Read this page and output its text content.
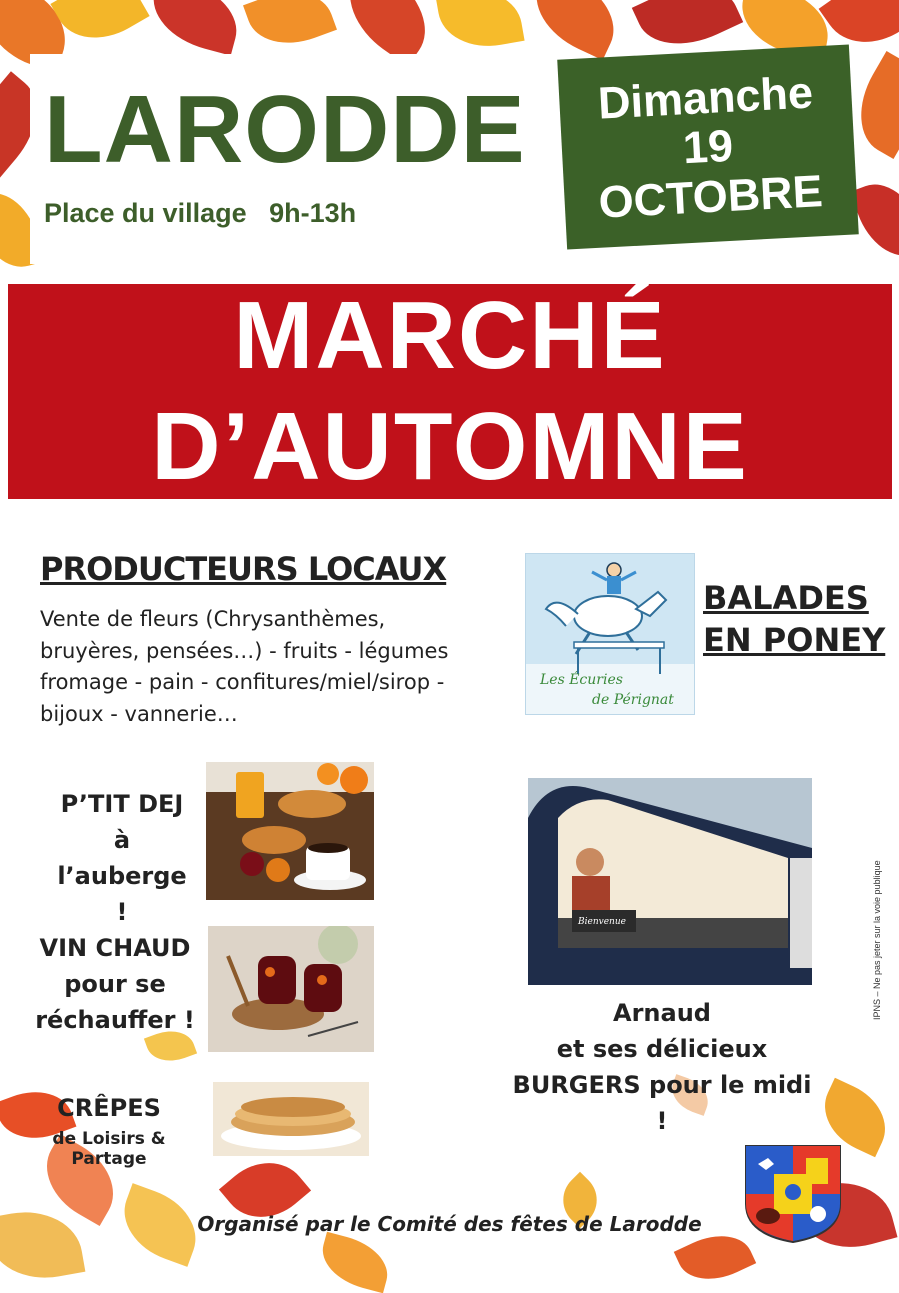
LARODDE
Place du village   9h-13h
Dimanche
19
OCTOBRE
MARCHÉ
D’AUTOMNE
PRODUCTEURS LOCAUX
Vente de fleurs (Chrysanthèmes, bruyères, pensées…) - fruits - légumes fromage - pain - confitures/miel/sirop - bijoux - vannerie…
Les Écuries
de Pérignat
BALADES
EN PONEY
P’TIT DEJ à
l’auberge !
VIN CHAUD
pour se
réchauffer !
CRÊPES
de Loisirs & Partage
Bienvenue
Arnaud
et ses délicieux
BURGERS pour le midi !
IPNS – Ne pas jeter sur la voie publique
Organisé par le Comité des fêtes de Larodde
